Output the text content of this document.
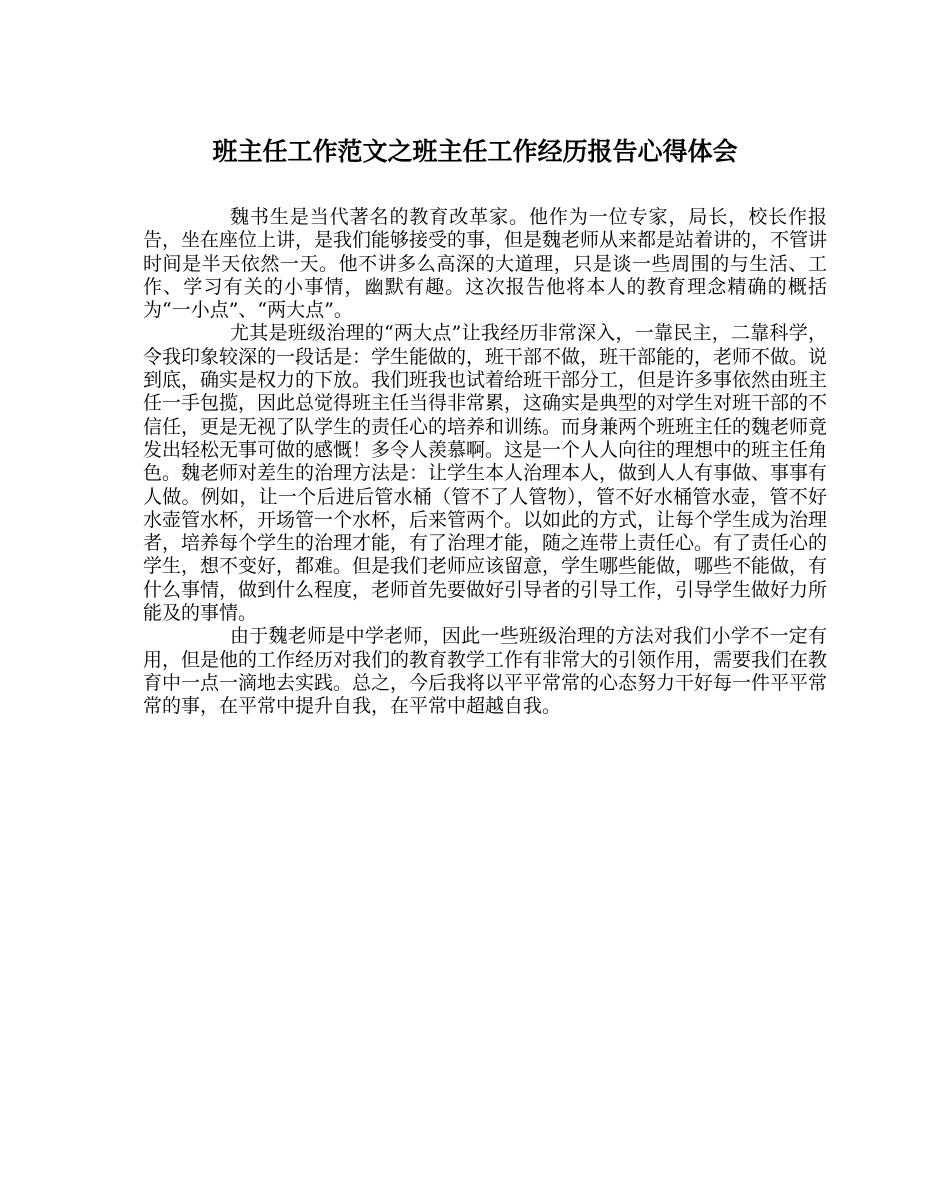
班主任工作范文之班主任工作经历报告心得体会

魏书生是当代著名的教育改革家。他作为一位专家，局长，校长作报告，坐在座位上讲，是我们能够接受的事，但是魏老师从来都是站着讲的，不管讲时间是半天依然一天。他不讲多么高深的大道理，只是谈一些周围的与生活、工作、学习有关的小事情，幽默有趣。这次报告他将本人的教育理念精确的概括为“一小点”、“两大点”。

尤其是班级治理的“两大点”让我经历非常深入，一靠民主，二靠科学，令我印象较深的一段话是：学生能做的，班干部不做，班干部能的，老师不做。说到底，确实是权力的下放。我们班我也试着给班干部分工，但是许多事依然由班主任一手包揽，因此总觉得班主任当得非常累，这确实是典型的对学生对班干部的不信任，更是无视了队学生的责任心的培养和训练。而身兼两个班班主任的魏老师竟发出轻松无事可做的感慨！多令人羡慕啊。这是一个人人向往的理想中的班主任角色。魏老师对差生的治理方法是：让学生本人治理本人，做到人人有事做、事事有人做。例如，让一个后进后管水桶（管不了人管物），管不好水桶管水壶，管不好水壶管水杯，开场管一个水杯，后来管两个。以如此的方式，让每个学生成为治理者，培养每个学生的治理才能，有了治理才能，随之连带上责任心。有了责任心的学生，想不变好，都难。但是我们老师应该留意，学生哪些能做，哪些不能做，有什么事情，做到什么程度，老师首先要做好引导者的引导工作，引导学生做好力所能及的事情。

由于魏老师是中学老师，因此一些班级治理的方法对我们小学不一定有用，但是他的工作经历对我们的教育教学工作有非常大的引领作用，需要我们在教育中一点一滴地去实践。总之，今后我将以平平常常的心态努力干好每一件平平常常的事，在平常中提升自我，在平常中超越自我。
